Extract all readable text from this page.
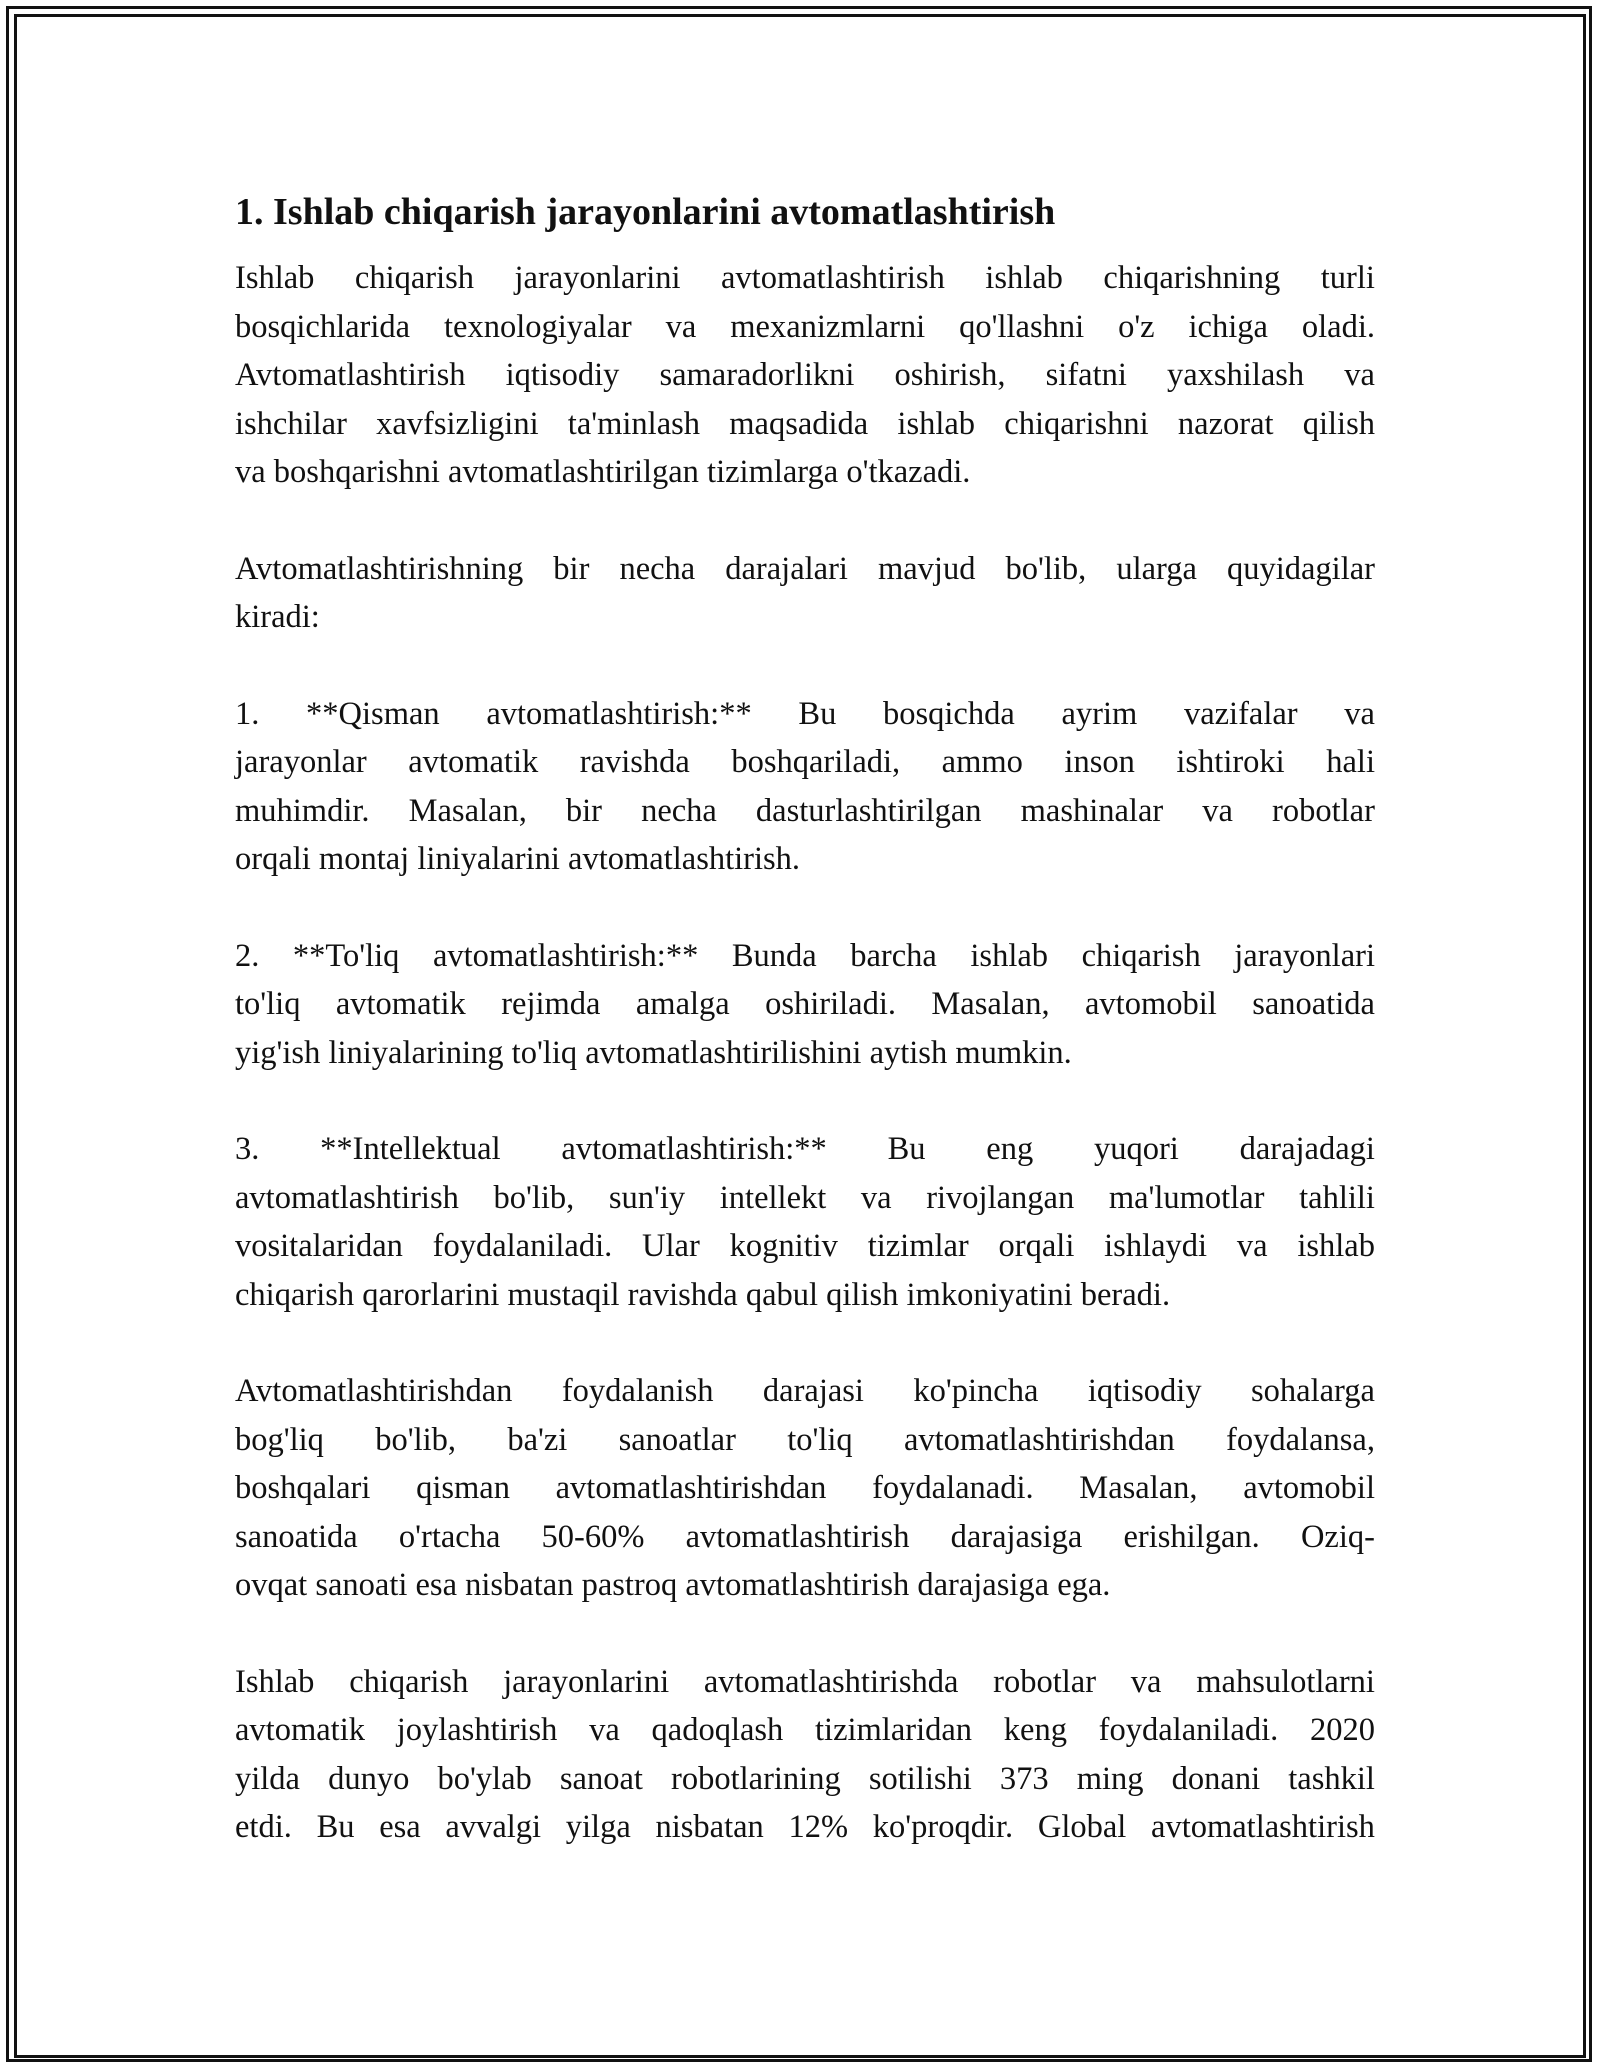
1. Ishlab chiqarish jarayonlarini avtomatlashtirish
Ishlab chiqarish jarayonlarini avtomatlashtirish ishlab chiqarishning turli
bosqichlarida texnologiyalar va mexanizmlarni qo'llashni o'z ichiga oladi.
Avtomatlashtirish iqtisodiy samaradorlikni oshirish, sifatni yaxshilash va
ishchilar xavfsizligini ta'minlash maqsadida ishlab chiqarishni nazorat qilish
va boshqarishni avtomatlashtirilgan tizimlarga o'tkazadi.
Avtomatlashtirishning bir necha darajalari mavjud bo'lib, ularga quyidagilar
kiradi:
1. **Qisman avtomatlashtirish:** Bu bosqichda ayrim vazifalar va
jarayonlar avtomatik ravishda boshqariladi, ammo inson ishtiroki hali
muhimdir. Masalan, bir necha dasturlashtirilgan mashinalar va robotlar
orqali montaj liniyalarini avtomatlashtirish.
2. **To'liq avtomatlashtirish:** Bunda barcha ishlab chiqarish jarayonlari
to'liq avtomatik rejimda amalga oshiriladi. Masalan, avtomobil sanoatida
yig'ish liniyalarining to'liq avtomatlashtirilishini aytish mumkin.
3. **Intellektual avtomatlashtirish:** Bu eng yuqori darajadagi
avtomatlashtirish bo'lib, sun'iy intellekt va rivojlangan ma'lumotlar tahlili
vositalaridan foydalaniladi. Ular kognitiv tizimlar orqali ishlaydi va ishlab
chiqarish qarorlarini mustaqil ravishda qabul qilish imkoniyatini beradi.
Avtomatlashtirishdan foydalanish darajasi ko'pincha iqtisodiy sohalarga
bog'liq bo'lib, ba'zi sanoatlar to'liq avtomatlashtirishdan foydalansa,
boshqalari qisman avtomatlashtirishdan foydalanadi. Masalan, avtomobil
sanoatida o'rtacha 50-60% avtomatlashtirish darajasiga erishilgan. Oziq-
ovqat sanoati esa nisbatan pastroq avtomatlashtirish darajasiga ega.
Ishlab chiqarish jarayonlarini avtomatlashtirishda robotlar va mahsulotlarni
avtomatik joylashtirish va qadoqlash tizimlaridan keng foydalaniladi. 2020
yilda dunyo bo'ylab sanoat robotlarining sotilishi 373 ming donani tashkil
etdi. Bu esa avvalgi yilga nisbatan 12% ko'proqdir. Global avtomatlashtirish
